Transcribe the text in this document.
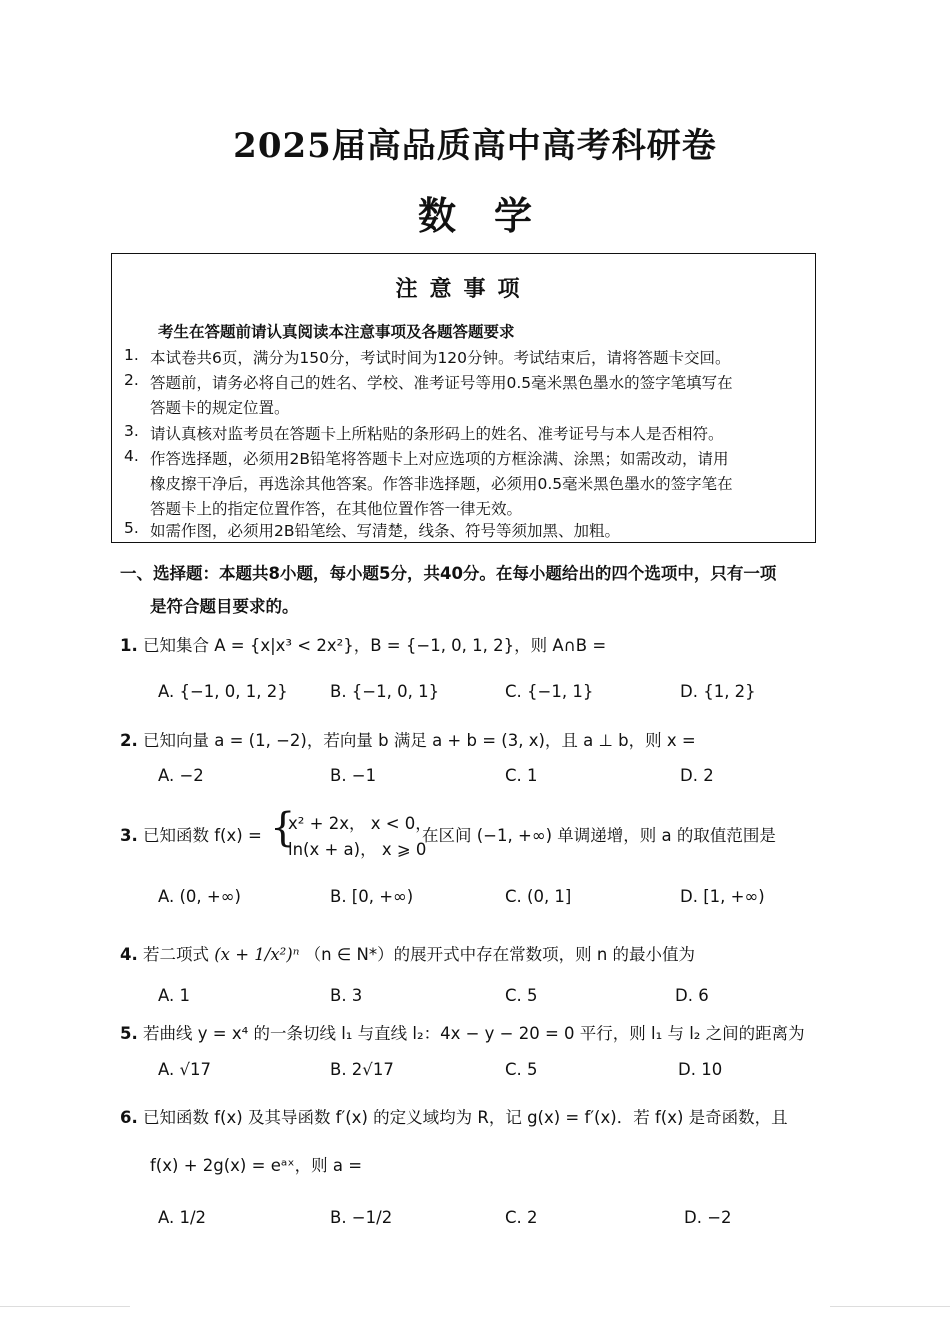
2025届高品质高中高考科研卷
数学
注意事项
考生在答题前请认真阅读本注意事项及各题答题要求
1. 本试卷共6页，满分为150分，考试时间为120分钟。考试结束后，请将答题卡交回。
2. 答题前，请务必将自己的姓名、学校、准考证号等用0.5毫米黑色墨水的签字笔填写在
答题卡的规定位置。
3. 请认真核对监考员在答题卡上所粘贴的条形码上的姓名、准考证号与本人是否相符。
4. 作答选择题，必须用2B铅笔将答题卡上对应选项的方框涂满、涂黑；如需改动，请用
橡皮擦干净后，再选涂其他答案。作答非选择题，必须用0.5毫米黑色墨水的签字笔在
答题卡上的指定位置作答，在其他位置作答一律无效。
5. 如需作图，必须用2B铅笔绘、写清楚，线条、符号等须加黑、加粗。
一、选择题：本题共8小题，每小题5分，共40分。在每小题给出的四个选项中，只有一项
是符合题目要求的。
1. 已知集合 A = {x|x³ < 2x²}，B = {−1, 0, 1, 2}，则 A∩B =
A. {−1, 0, 1, 2}	B. {−1, 0, 1}	C. {−1, 1}	D. {1, 2}
2. 已知向量 a = (1, −2)，若向量 b 满足 a + b = (3, x)，且 a ⊥ b，则 x =
A. −2	B. −1	C. 1	D. 2
3. 已知函数 f(x) = {
x² + 2x， x < 0，
ln(x + a)， x ⩾ 0
在区间 (−1, +∞) 单调递增，则 a 的取值范围是
A. (0, +∞)	B. [0, +∞)	C. (0, 1]	D. [1, +∞)
4. 若二项式 (x + 1/x²)ⁿ （n ∈ N*）的展开式中存在常数项，则 n 的最小值为
A. 1	B. 3	C. 5	D. 6
5. 若曲线 y = x⁴ 的一条切线 l₁ 与直线 l₂：4x − y − 20 = 0 平行，则 l₁ 与 l₂ 之间的距离为
A. √17	B. 2√17	C. 5	D. 10
6. 已知函数 f(x) 及其导函数 f′(x) 的定义域均为 R，记 g(x) = f′(x)．若 f(x) 是奇函数，且
f(x) + 2g(x) = eᵃˣ，则 a =
A. 1/2	B. −1/2	C. 2	D. −2
